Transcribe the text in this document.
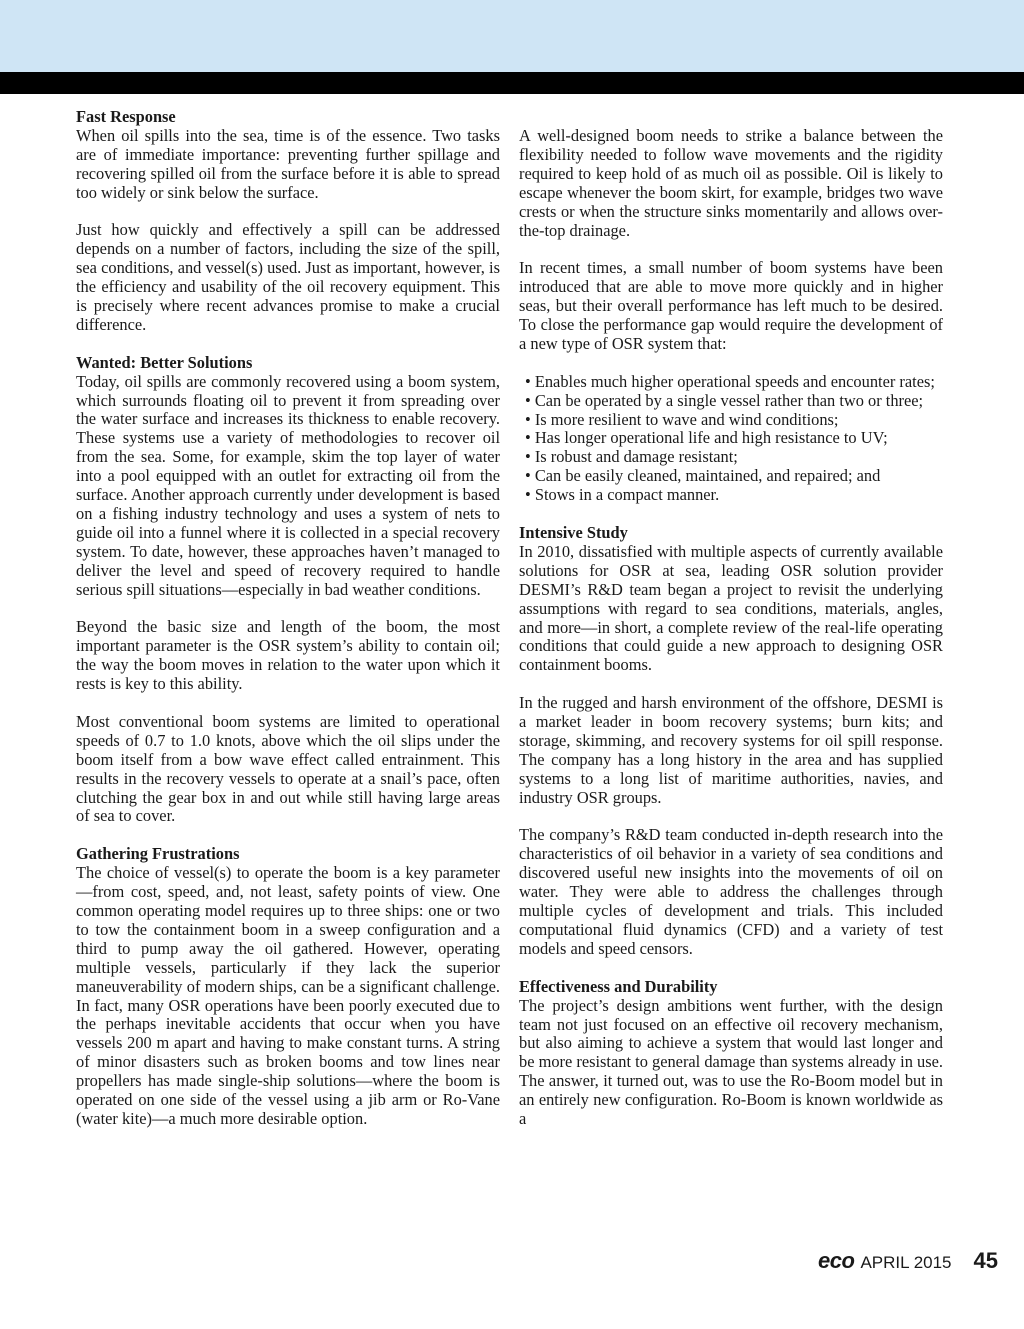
Fast Response

When oil spills into the sea, time is of the essence. Two tasks are of immediate importance: preventing further spillage and recovering spilled oil from the surface before it is able to spread too widely or sink below the surface.

Just how quickly and effectively a spill can be addressed depends on a number of factors, including the size of the spill, sea conditions, and vessel(s) used. Just as important, however, is the efficiency and usability of the oil recovery equipment. This is precisely where recent advances promise to make a crucial difference.

Wanted: Better Solutions

Today, oil spills are commonly recovered using a boom system, which surrounds floating oil to prevent it from spreading over the water surface and increases its thickness to enable recovery. These systems use a variety of methodologies to recover oil from the sea. Some, for example, skim the top layer of water into a pool equipped with an outlet for extracting oil from the surface. Another approach currently under development is based on a fishing industry technology and uses a system of nets to guide oil into a funnel where it is collected in a special recovery system. To date, however, these approaches haven’t managed to deliver the level and speed of recovery required to handle serious spill situations—especially in bad weather conditions.

Beyond the basic size and length of the boom, the most important parameter is the OSR system’s ability to contain oil; the way the boom moves in relation to the water upon which it rests is key to this ability.

Most conventional boom systems are limited to operational speeds of 0.7 to 1.0 knots, above which the oil slips under the boom itself from a bow wave effect called entrainment. This results in the recovery vessels to operate at a snail’s pace, often clutching the gear box in and out while still having large areas of sea to cover.

Gathering Frustrations

The choice of vessel(s) to operate the boom is a key parameter—from cost, speed, and, not least, safety points of view. One common operating model requires up to three ships: one or two to tow the containment boom in a sweep configuration and a third to pump away the oil gathered. However, operating multiple vessels, particularly if they lack the superior maneuverability of modern ships, can be a significant challenge. In fact, many OSR operations have been poorly executed due to the perhaps inevitable accidents that occur when you have vessels 200 m apart and having to make constant turns. A string of minor disasters such as broken booms and tow lines near propellers has made single-ship solutions—where the boom is operated on one side of the vessel using a jib arm or Ro-Vane (water kite)—a much more desirable option.

A well-designed boom needs to strike a balance between the flexibility needed to follow wave movements and the rigidity required to keep hold of as much oil as possible. Oil is likely to escape whenever the boom skirt, for example, bridges two wave crests or when the structure sinks momentarily and allows over-the-top drainage.

In recent times, a small number of boom systems have been introduced that are able to move more quickly and in higher seas, but their overall performance has left much to be desired. To close the performance gap would require the development of a new type of OSR system that:

• Enables much higher operational speeds and encounter rates;
• Can be operated by a single vessel rather than two or three;
• Is more resilient to wave and wind conditions;
• Has longer operational life and high resistance to UV;
• Is robust and damage resistant;
• Can be easily cleaned, maintained, and repaired; and
• Stows in a compact manner.
Intensive Study

In 2010, dissatisfied with multiple aspects of currently available solutions for OSR at sea, leading OSR solution provider DESMI’s R&D team began a project to revisit the underlying assumptions with regard to sea conditions, materials, angles, and more—in short, a complete review of the real-life operating conditions that could guide a new approach to designing OSR containment booms.

In the rugged and harsh environment of the offshore, DESMI is a market leader in boom recovery systems; burn kits; and storage, skimming, and recovery systems for oil spill response. The company has a long history in the area and has supplied systems to a long list of maritime authorities, navies, and industry OSR groups.

The company’s R&D team conducted in-depth research into the characteristics of oil behavior in a variety of sea conditions and discovered useful new insights into the movements of oil on water. They were able to address the challenges through multiple cycles of development and trials. This included computational fluid dynamics (CFD) and a variety of test models and speed censors.

Effectiveness and Durability

The project’s design ambitions went further, with the design team not just focused on an effective oil recovery mechanism, but also aiming to achieve a system that would last longer and be more resistant to general damage than systems already in use. The answer, it turned out, was to use the Ro-Boom model but in an entirely new configuration. Ro-Boom is known worldwide as a

eco APRIL 2015 45
